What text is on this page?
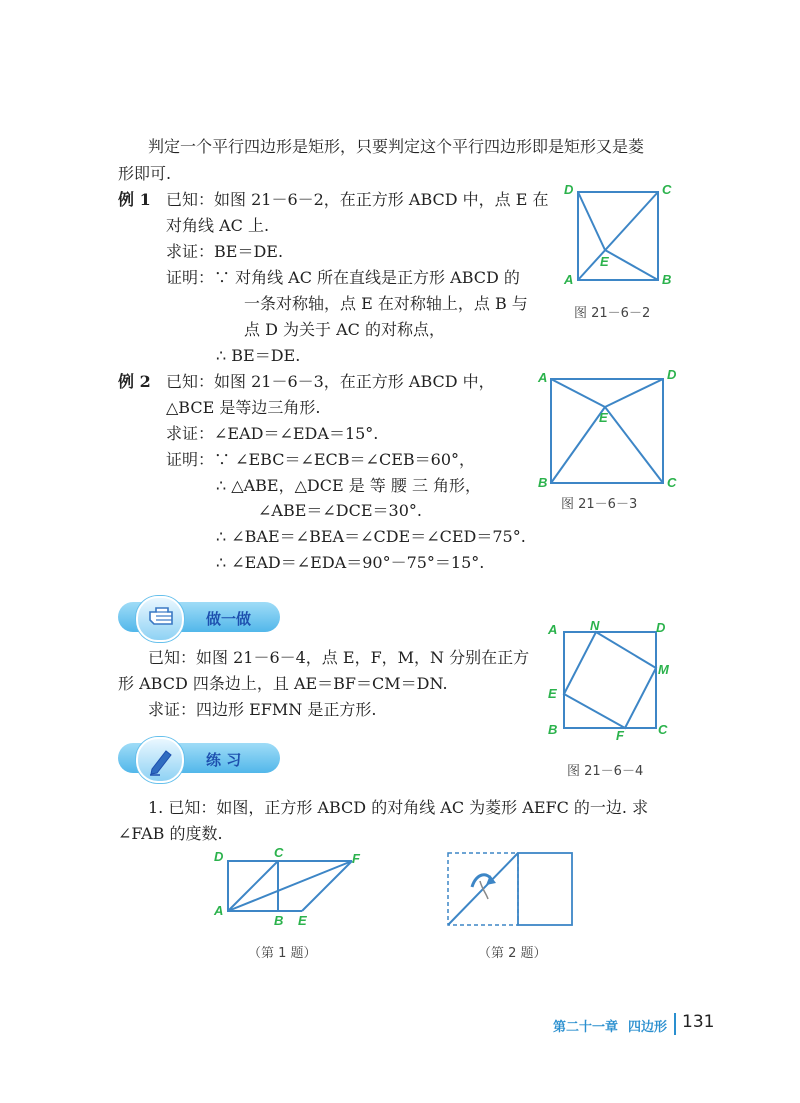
判定一个平行四边形是矩形，只要判定这个平行四边形即是矩形又是菱
形即可.
例 1 已知：如图 21－6－2，在正方形 ABCD 中，点 E 在
对角线 AC 上.
求证：BE＝DE.
证明：∵ 对角线 AC 所在直线是正方形 ABCD 的
一条对称轴，点 E 在对称轴上，点 B 与
点 D 为关于 AC 的对称点，
∴ BE＝DE.
D	C
A	B
E
图 21－6－2
例 2 已知：如图 21－6－3，在正方形 ABCD 中，
△BCE 是等边三角形.
求证：∠EAD＝∠EDA＝15°.
证明：∵ ∠EBC＝∠ECB＝∠CEB＝60°，
∴ △ABE，△DCE 是 等 腰 三 角形，
∠ABE＝∠DCE＝30°.
∴ ∠BAE＝∠BEA＝∠CDE＝∠CED＝75°.
∴ ∠EAD＝∠EDA＝90°－75°＝15°.
A	D
E
B	C
图 21－6－3
做一做
已知：如图 21－6－4，点 E，F，M，N 分别在正方
形 ABCD 四条边上，且 AE＝BF＝CM＝DN.
求证：四边形 EFMN 是正方形.
A	N	D
M
E
B	F	C
图 21－6－4
练 习
1. 已知：如图，正方形 ABCD 的对角线 AC 为菱形 AEFC 的一边. 求
∠FAB 的度数.
D	C	F
A
B E
（第 1 题）	（第 2 题）
第二十一章 四边形 131
